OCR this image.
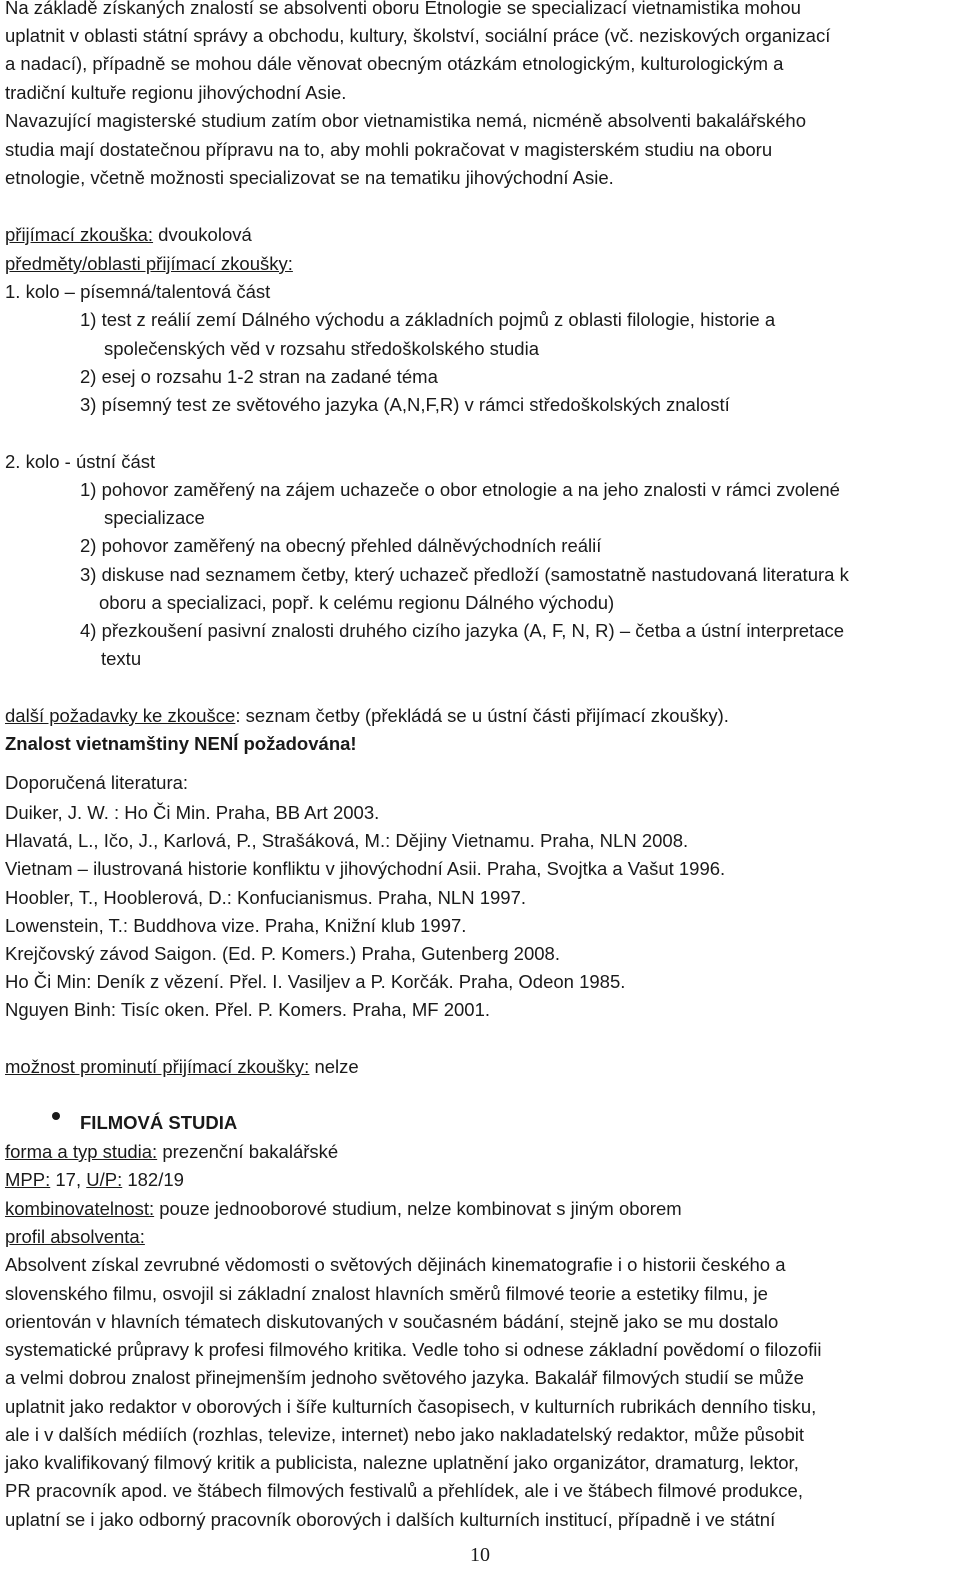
Na základě získaných znalostí se absolventi oboru Etnologie se specializací vietnamistika mohou
uplatnit v oblasti státní správy a obchodu, kultury, školství, sociální práce (vč. neziskových organizací
a nadací), případně se mohou dále věnovat obecným otázkám etnologickým, kulturologickým a
tradiční kultuře regionu jihovýchodní Asie.
Navazující magisterské studium zatím obor vietnamistika nemá, nicméně absolventi bakalářského
studia mají dostatečnou přípravu na to, aby mohli pokračovat v magisterském studiu na oboru
etnologie, včetně možnosti specializovat se na tematiku jihovýchodní Asie.
přijímací zkouška: dvoukolová
předměty/oblasti přijímací zkoušky:
1. kolo – písemná/talentová část
1) test z reálií zemí Dálného východu a základních pojmů z oblasti filologie, historie a
společenských věd v rozsahu středoškolského studia
2) esej o rozsahu 1-2 stran na zadané téma
3) písemný test ze světového jazyka (A,N,F,R) v rámci středoškolských znalostí
2. kolo - ústní část
1) pohovor zaměřený na zájem uchazeče o obor etnologie a na jeho znalosti v rámci zvolené
specializace
2) pohovor zaměřený na obecný přehled dálněvýchodních reálií
3) diskuse nad seznamem četby, který uchazeč předloží (samostatně nastudovaná literatura k
oboru a specializaci, popř. k celému regionu Dálného východu)
4) přezkoušení pasivní znalosti druhého cizího jazyka (A, F, N, R) – četba a ústní interpretace
textu
další požadavky ke zkoušce: seznam četby (překládá se u ústní části přijímací zkoušky).
Znalost vietnamštiny NENÍ požadována!
Doporučená literatura:
Duiker, J. W. : Ho Či Min. Praha, BB Art 2003.
Hlavatá, L., Ičo, J., Karlová, P., Strašáková, M.: Dějiny Vietnamu. Praha, NLN 2008.
Vietnam – ilustrovaná historie konfliktu v jihovýchodní Asii. Praha, Svojtka a Vašut 1996.
Hoobler, T., Hooblerová, D.: Konfucianismus. Praha, NLN 1997.
Lowenstein, T.: Buddhova vize. Praha, Knižní klub 1997.
Krejčovský závod Saigon. (Ed. P. Komers.) Praha, Gutenberg 2008.
Ho Či Min: Deník z vězení. Přel. I. Vasiljev a P. Korčák. Praha, Odeon 1985.
Nguyen Binh: Tisíc oken. Přel. P. Komers. Praha, MF 2001.
možnost prominutí přijímací zkoušky: nelze
FILMOVÁ STUDIA
forma a typ studia: prezenční bakalářské
MPP: 17, U/P: 182/19
kombinovatelnost: pouze jednooborové studium, nelze kombinovat s jiným oborem
profil absolventa:
Absolvent získal zevrubné vědomosti o světových dějinách kinematografie i o historii českého a
slovenského filmu, osvojil si základní znalost hlavních směrů filmové teorie a estetiky filmu, je
orientován v hlavních tématech diskutovaných v současném bádání, stejně jako se mu dostalo
systematické průpravy k profesi filmového kritika. Vedle toho si odnese základní povědomí o filozofii
a velmi dobrou znalost přinejmenším jednoho světového jazyka. Bakalář filmových studií se může
uplatnit jako redaktor v oborových i šíře kulturních časopisech, v kulturních rubrikách denního tisku,
ale i v dalších médiích (rozhlas, televize, internet) nebo jako nakladatelský redaktor, může působit
jako kvalifikovaný filmový kritik a publicista, nalezne uplatnění jako organizátor, dramaturg, lektor,
PR pracovník apod. ve štábech filmových festivalů a přehlídek, ale i ve štábech filmové produkce,
uplatní se i jako odborný pracovník oborových i dalších kulturních institucí, případně i ve státní
10
